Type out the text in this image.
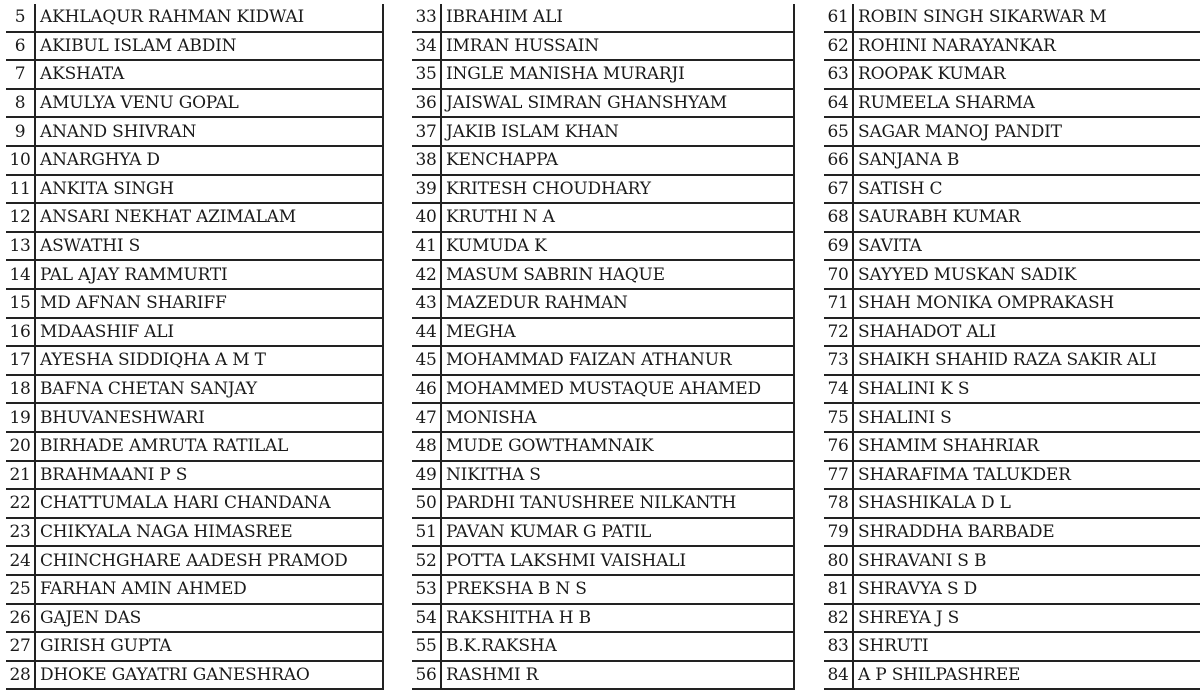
5 AKHLAQUR RAHMAN KIDWAI
6 AKIBUL ISLAM ABDIN
7 AKSHATA
8 AMULYA VENU GOPAL
9 ANAND SHIVRAN
10 ANARGHYA D
11 ANKITA SINGH
12 ANSARI NEKHAT AZIMALAM
13 ASWATHI S
14 PAL AJAY RAMMURTI
15 MD AFNAN SHARIFF
16 MDAASHIF ALI
17 AYESHA SIDDIQHA A M T
18 BAFNA CHETAN SANJAY
19 BHUVANESHWARI
20 BIRHADE AMRUTA RATILAL
21 BRAHMAANI P S
22 CHATTUMALA HARI CHANDANA
23 CHIKYALA NAGA HIMASREE
24 CHINCHGHARE AADESH PRAMOD
25 FARHAN AMIN AHMED
26 GAJEN DAS
27 GIRISH GUPTA
28 DHOKE GAYATRI GANESHRAO
33 IBRAHIM ALI
34 IMRAN HUSSAIN
35 INGLE MANISHA MURARJI
36 JAISWAL SIMRAN GHANSHYAM
37 JAKIB ISLAM KHAN
38 KENCHAPPA
39 KRITESH CHOUDHARY
40 KRUTHI N A
41 KUMUDA K
42 MASUM SABRIN HAQUE
43 MAZEDUR RAHMAN
44 MEGHA
45 MOHAMMAD FAIZAN ATHANUR
46 MOHAMMED MUSTAQUE AHAMED
47 MONISHA
48 MUDE GOWTHAMNAIK
49 NIKITHA S
50 PARDHI TANUSHREE NILKANTH
51 PAVAN KUMAR G PATIL
52 POTTA LAKSHMI VAISHALI
53 PREKSHA B N S
54 RAKSHITHA H B
55 B.K.RAKSHA
56 RASHMI R
61 ROBIN SINGH SIKARWAR M
62 ROHINI NARAYANKAR
63 ROOPAK KUMAR
64 RUMEELA SHARMA
65 SAGAR MANOJ PANDIT
66 SANJANA B
67 SATISH C
68 SAURABH KUMAR
69 SAVITA
70 SAYYED MUSKAN SADIK
71 SHAH MONIKA OMPRAKASH
72 SHAHADOT ALI
73 SHAIKH SHAHID RAZA SAKIR ALI
74 SHALINI K S
75 SHALINI S
76 SHAMIM SHAHRIAR
77 SHARAFIMA TALUKDER
78 SHASHIKALA D L
79 SHRADDHA BARBADE
80 SHRAVANI S B
81 SHRAVYA S D
82 SHREYA J S
83 SHRUTI
84 A P SHILPASHREE
